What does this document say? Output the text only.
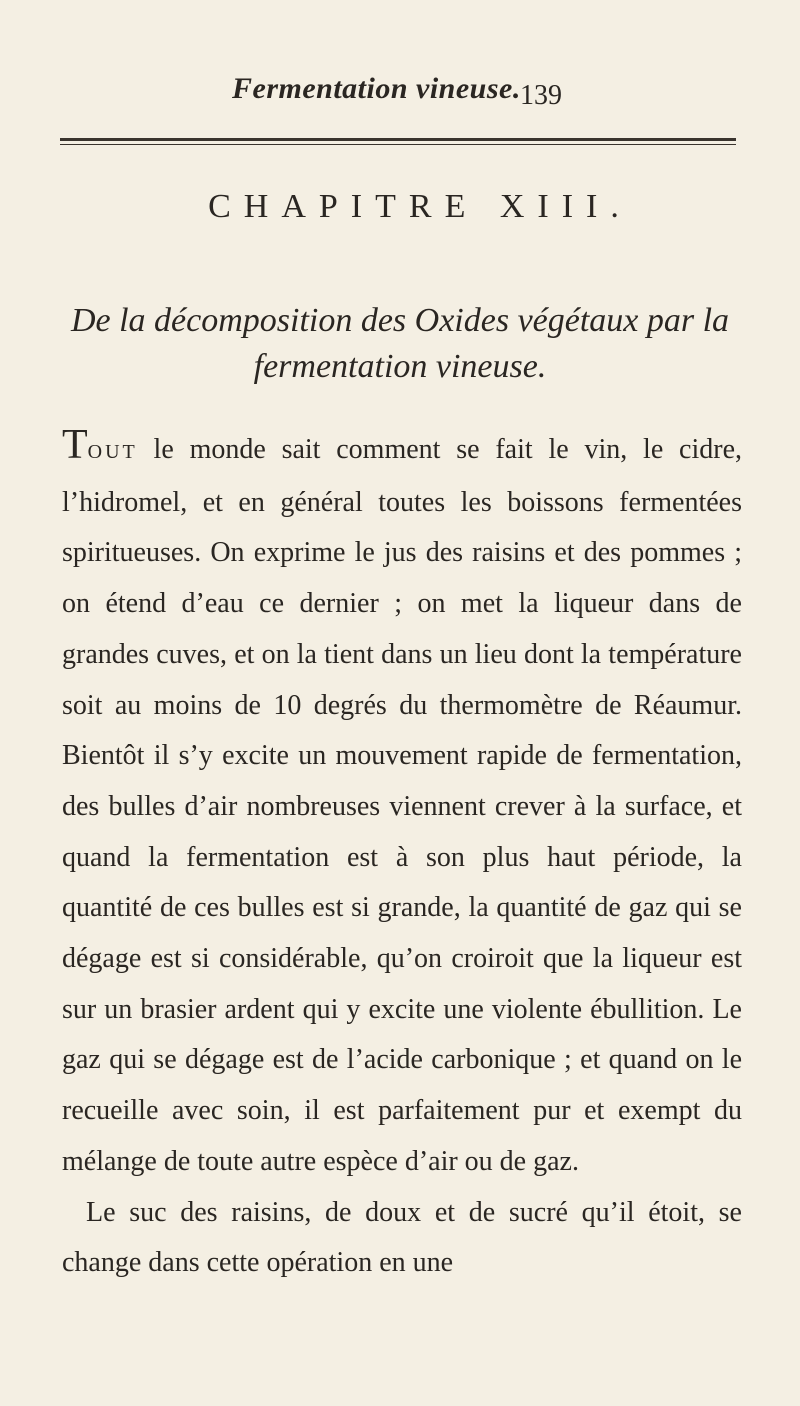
Fermentation vineuse. 139
CHAPITRE XIII.
De la décomposition des Oxides végétaux par la fermentation vineuse.

TOUT le monde sait comment se fait le vin, le cidre, l’hidromel, et en général toutes les boissons fermentées spiritueuses. On exprime le jus des raisins et des pommes ; on étend d’eau ce dernier ; on met la liqueur dans de grandes cuves, et on la tient dans un lieu dont la température soit au moins de 10 degrés du thermomètre de Réaumur. Bientôt il s’y excite un mouvement rapide de fermentation, des bulles d’air nombreuses viennent crever à la surface, et quand la fermentation est à son plus haut période, la quantité de ces bulles est si grande, la quantité de gaz qui se dégage est si considérable, qu’on croiroit que la liqueur est sur un brasier ardent qui y excite une violente ébullition. Le gaz qui se dégage est de l’acide carbonique ; et quand on le recueille avec soin, il est parfaitement pur et exempt du mélange de toute autre espèce d’air ou de gaz.

Le suc des raisins, de doux et de sucré qu’il étoit, se change dans cette opération en une
